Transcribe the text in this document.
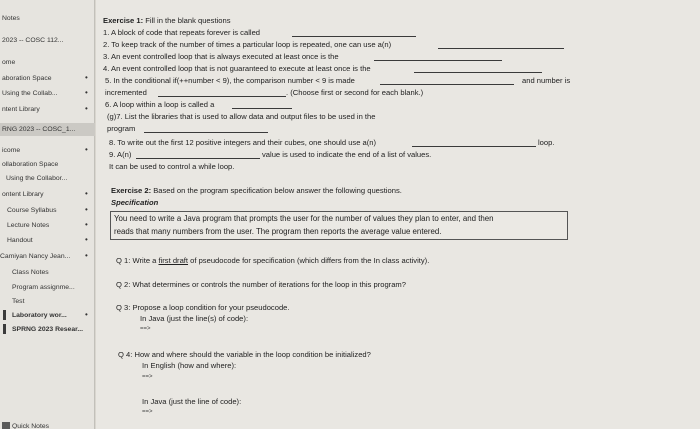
Notes
2023 -- COSC 112...
ome
aboration Space	•
Using the Collab...	•
ntent Library	•
RNG 2023 -- COSC_1...
icome	•
ollaboration Space
Using the Collabor...
ontent Library	•
Course Syllabus	•
Lecture Notes	•
Handout	•
Camiyan Nancy Jean... •
Class Notes
Program assignme...
Test
Laboratory wor... •
SPRNG 2023 Resear...
Quick Notes
Exercise 1: Fill in the blank questions
1. A block of code that repeats forever is called
2. To keep track of the number of times a particular loop is repeated, one can use a(n)
3. An event controlled loop that is always executed at least once is the
4. An event controlled loop that is not guaranteed to execute at least once is the
5. In the conditional if(++number < 9), the comparison number < 9 is made	and number is
incremented	. (Choose first or second for each blank.)
6. A loop within a loop is called a
(g)7. List the libraries that is used to allow data and output files to be used in the
program
8. To write out the first 12 positive integers and their cubes, one should use a(n)	loop.
9. A(n)	value is used to indicate the end of a list of values.
It can be used to control a while loop.
Exercise 2: Based on the program specification below answer the following questions.
Specification
You need to write a Java program that prompts the user for the number of values they plan to enter, and then
reads that many numbers from the user. The program then reports the average value entered.
Q 1: Write a first draft of pseudocode for specification (which differs from the In class activity).
Q 2: What determines or controls the number of iterations for the loop in this program?
Q 3: Propose a loop condition for your pseudocode.
In Java (just the line(s) of code):
==>
Q 4: How and where should the variable in the loop condition be initialized?
In English (how and where):
==>
In Java (just the line of code):
==>
